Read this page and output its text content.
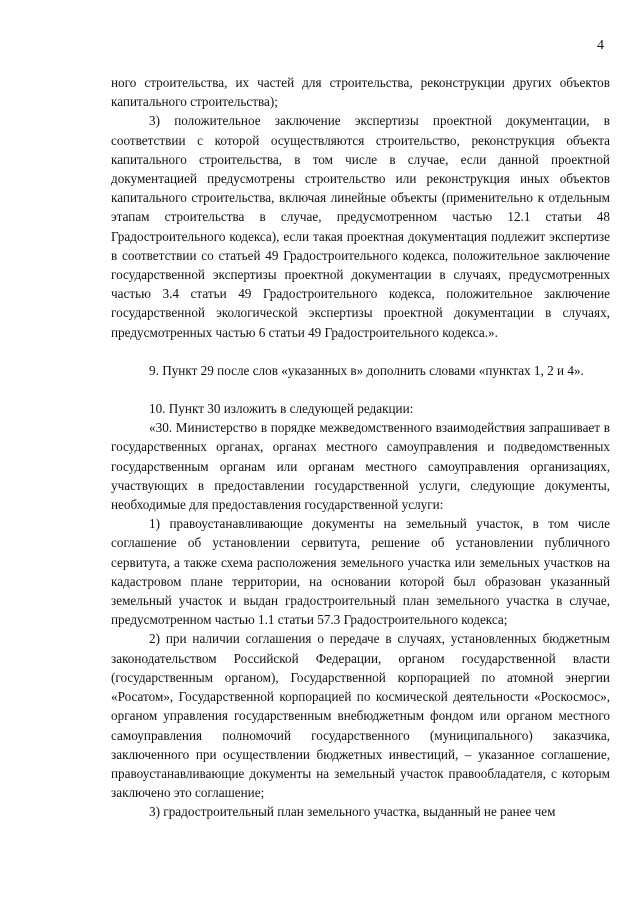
4

ного строительства, их частей для строительства, реконструкции других объектов капитального строительства);

3) положительное заключение экспертизы проектной документации, в соответствии с которой осуществляются строительство, реконструкция объекта капитального строительства, в том числе в случае, если данной проектной документацией предусмотрены строительство или реконструкция иных объектов капитального строительства, включая линейные объекты (применительно к отдельным этапам строительства в случае, предусмотренном частью 12.1 статьи 48 Градостроительного кодекса), если такая проектная документация подлежит экспертизе в соответствии со статьей 49 Градостроительного кодекса, положительное заключение государственной экспертизы проектной документации в случаях, предусмотренных частью 3.4 статьи 49 Градостроительного кодекса, положительное заключение государственной экологической экспертизы проектной документации в случаях, предусмотренных частью 6 статьи 49 Градостроительного кодекса.».

9. Пункт 29 после слов «указанных в» дополнить словами «пунктах 1, 2 и 4».

10. Пункт 30 изложить в следующей редакции:

«30. Министерство в порядке межведомственного взаимодействия запрашивает в государственных органах, органах местного самоуправления и подведомственных государственным органам или органам местного самоуправления организациях, участвующих в предоставлении государственной услуги, следующие документы, необходимые для предоставления государственной услуги:

1) правоустанавливающие документы на земельный участок, в том числе соглашение об установлении сервитута, решение об установлении публичного сервитута, а также схема расположения земельного участка или земельных участков на кадастровом плане территории, на основании которой был образован указанный земельный участок и выдан градостроительный план земельного участка в случае, предусмотренном частью 1.1 статьи 57.3 Градостроительного кодекса;

2) при наличии соглашения о передаче в случаях, установленных бюджетным законодательством Российской Федерации, органом государственной власти (государственным органом), Государственной корпорацией по атомной энергии «Росатом», Государственной корпорацией по космической деятельности «Роскосмос», органом управления государственным внебюджетным фондом или органом местного самоуправления полномочий государственного (муниципального) заказчика, заключенного при осуществлении бюджетных инвестиций, – указанное соглашение, правоустанавливающие документы на земельный участок правообладателя, с которым заключено это соглашение;

3) градостроительный план земельного участка, выданный не ранее чем
